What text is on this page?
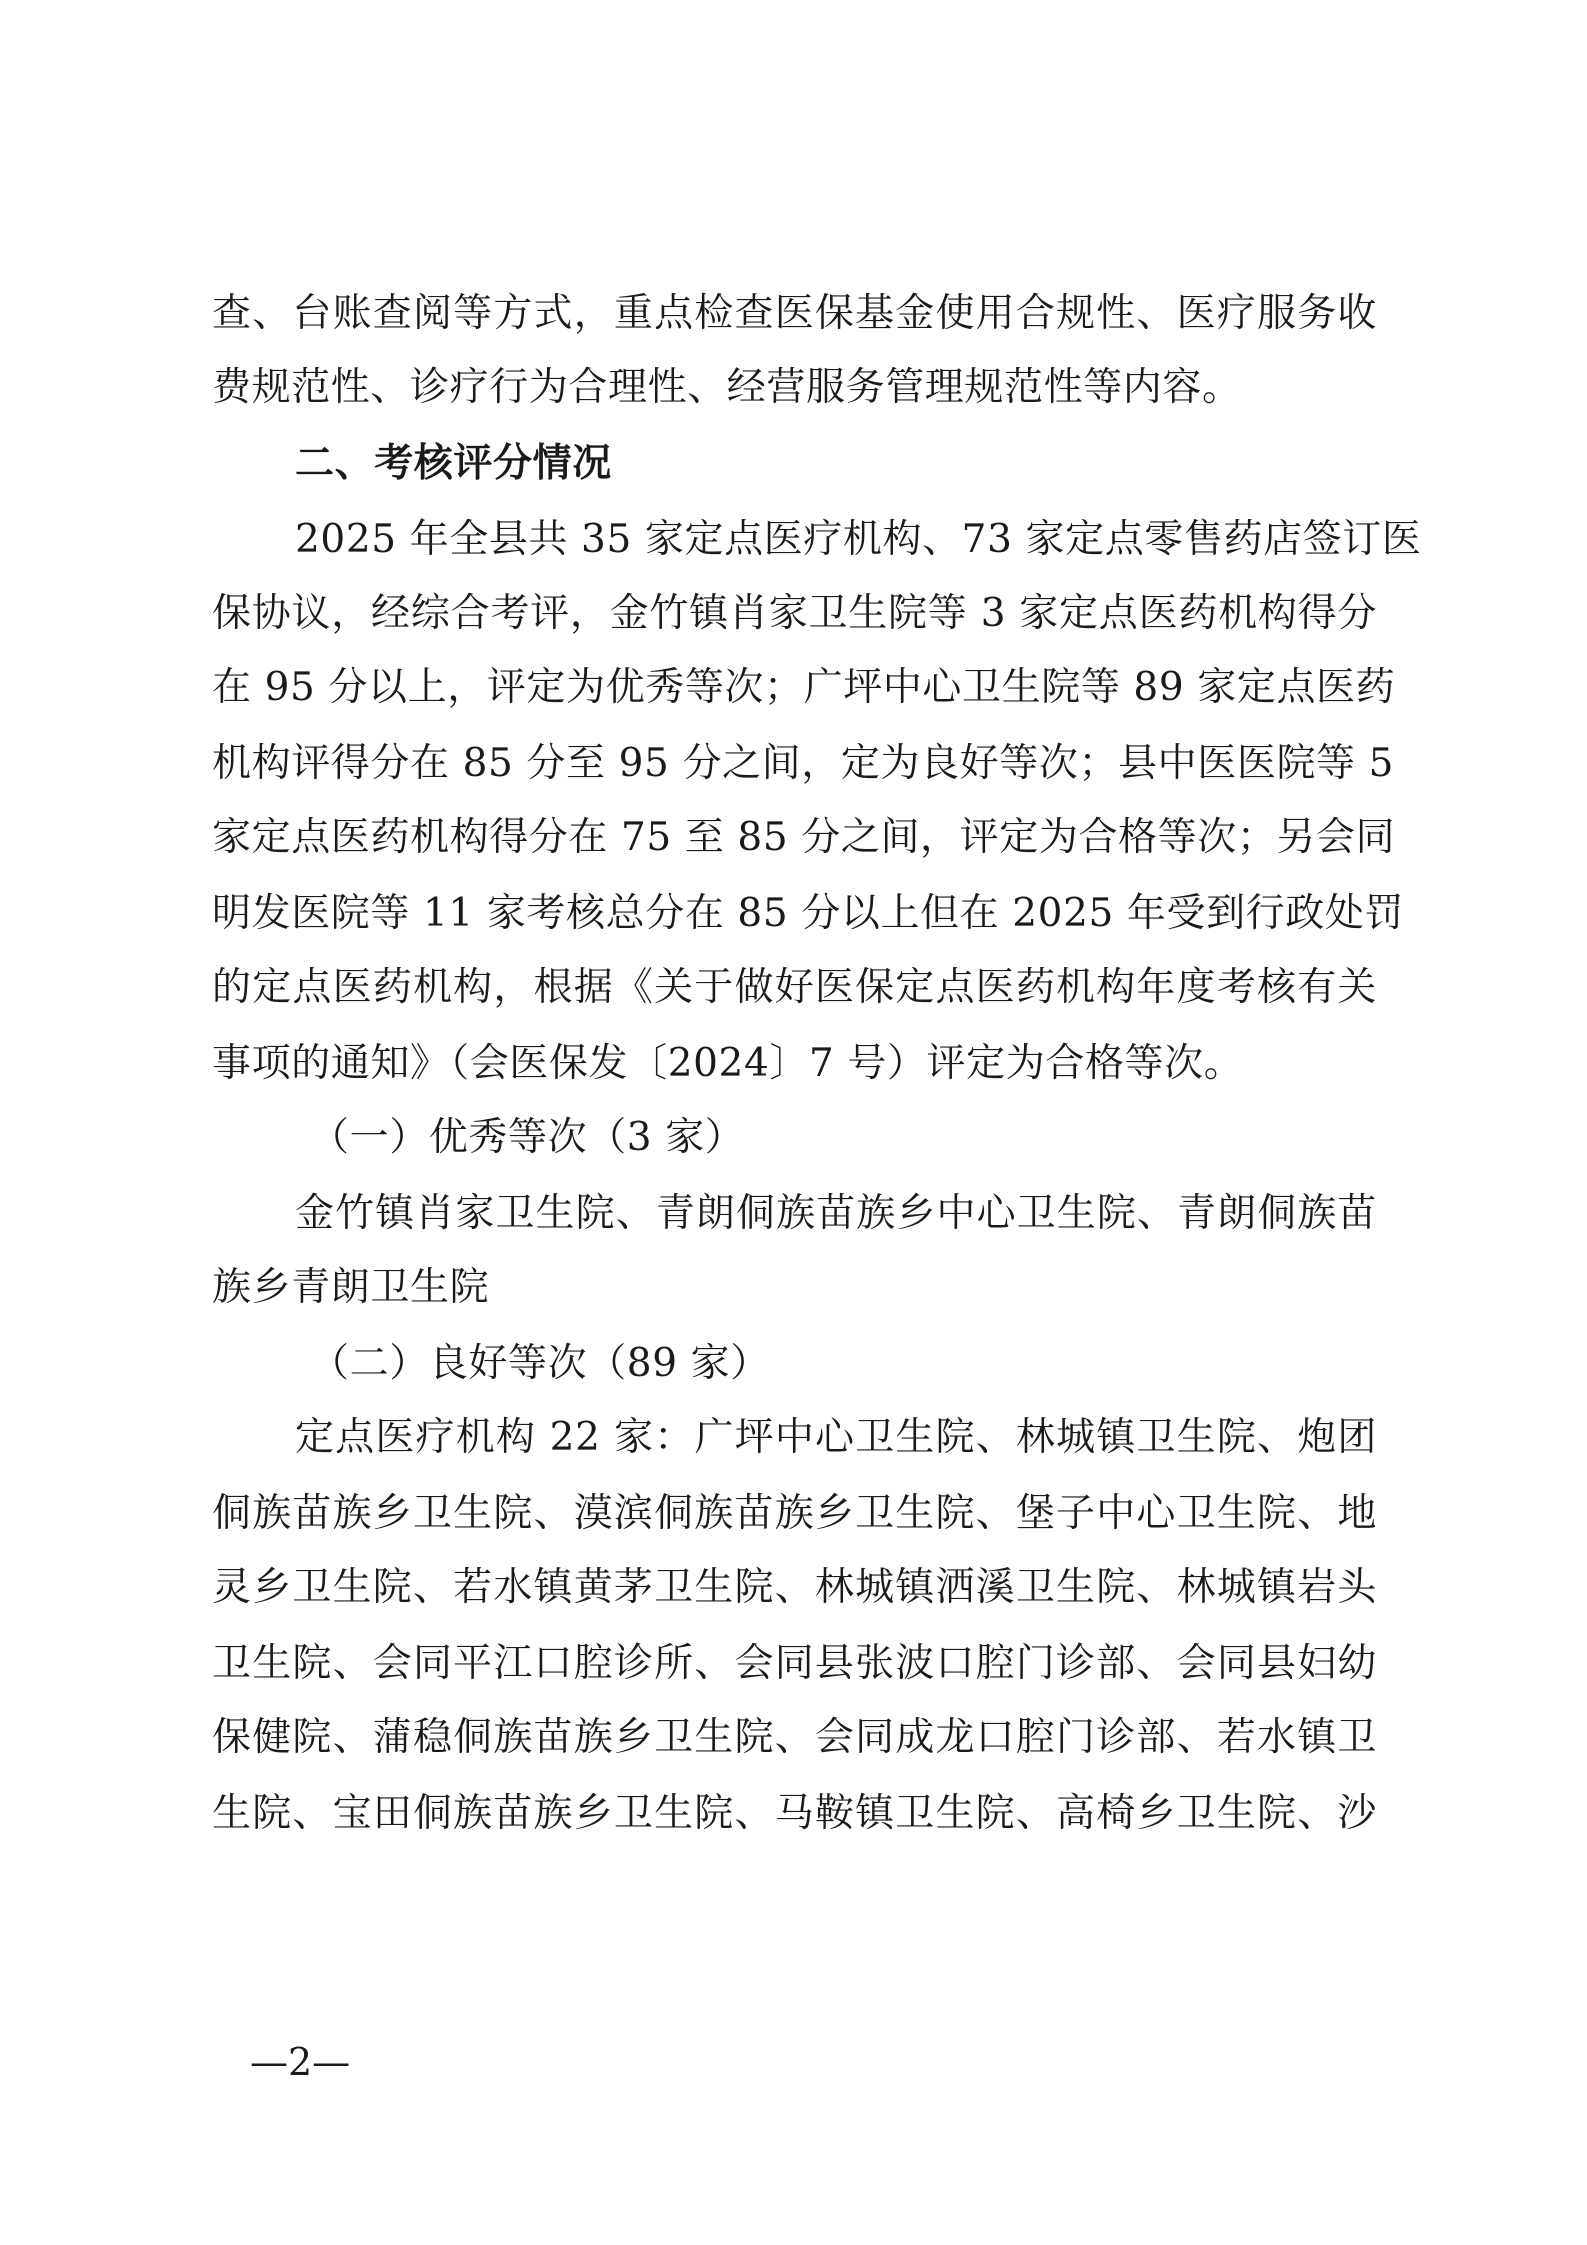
查、台账查阅等方式，重点检查医保基金使用合规性、医疗服务收
费规范性、诊疗行为合理性、经营服务管理规范性等内容。
二、考核评分情况
2025 年全县共 35 家定点医疗机构、73 家定点零售药店签订医
保协议，经综合考评，金竹镇肖家卫生院等 3 家定点医药机构得分
在 95 分以上，评定为优秀等次；广坪中心卫生院等 89 家定点医药
机构评得分在 85 分至 95 分之间，定为良好等次；县中医医院等 5
家定点医药机构得分在 75 至 85 分之间，评定为合格等次；另会同
明发医院等 11 家考核总分在 85 分以上但在 2025 年受到行政处罚
的定点医药机构，根据《关于做好医保定点医药机构年度考核有关
事项的通知》（会医保发〔2024〕7 号）评定为合格等次。
（一）优秀等次（3 家）
金竹镇肖家卫生院、青朗侗族苗族乡中心卫生院、青朗侗族苗
族乡青朗卫生院
（二）良好等次（89 家）
定点医疗机构 22 家：广坪中心卫生院、林城镇卫生院、炮团
侗族苗族乡卫生院、漠滨侗族苗族乡卫生院、堡子中心卫生院、地
灵乡卫生院、若水镇黄茅卫生院、林城镇洒溪卫生院、林城镇岩头
卫生院、会同平江口腔诊所、会同县张波口腔门诊部、会同县妇幼
保健院、蒲稳侗族苗族乡卫生院、会同成龙口腔门诊部、若水镇卫
生院、宝田侗族苗族乡卫生院、马鞍镇卫生院、高椅乡卫生院、沙
—2—
